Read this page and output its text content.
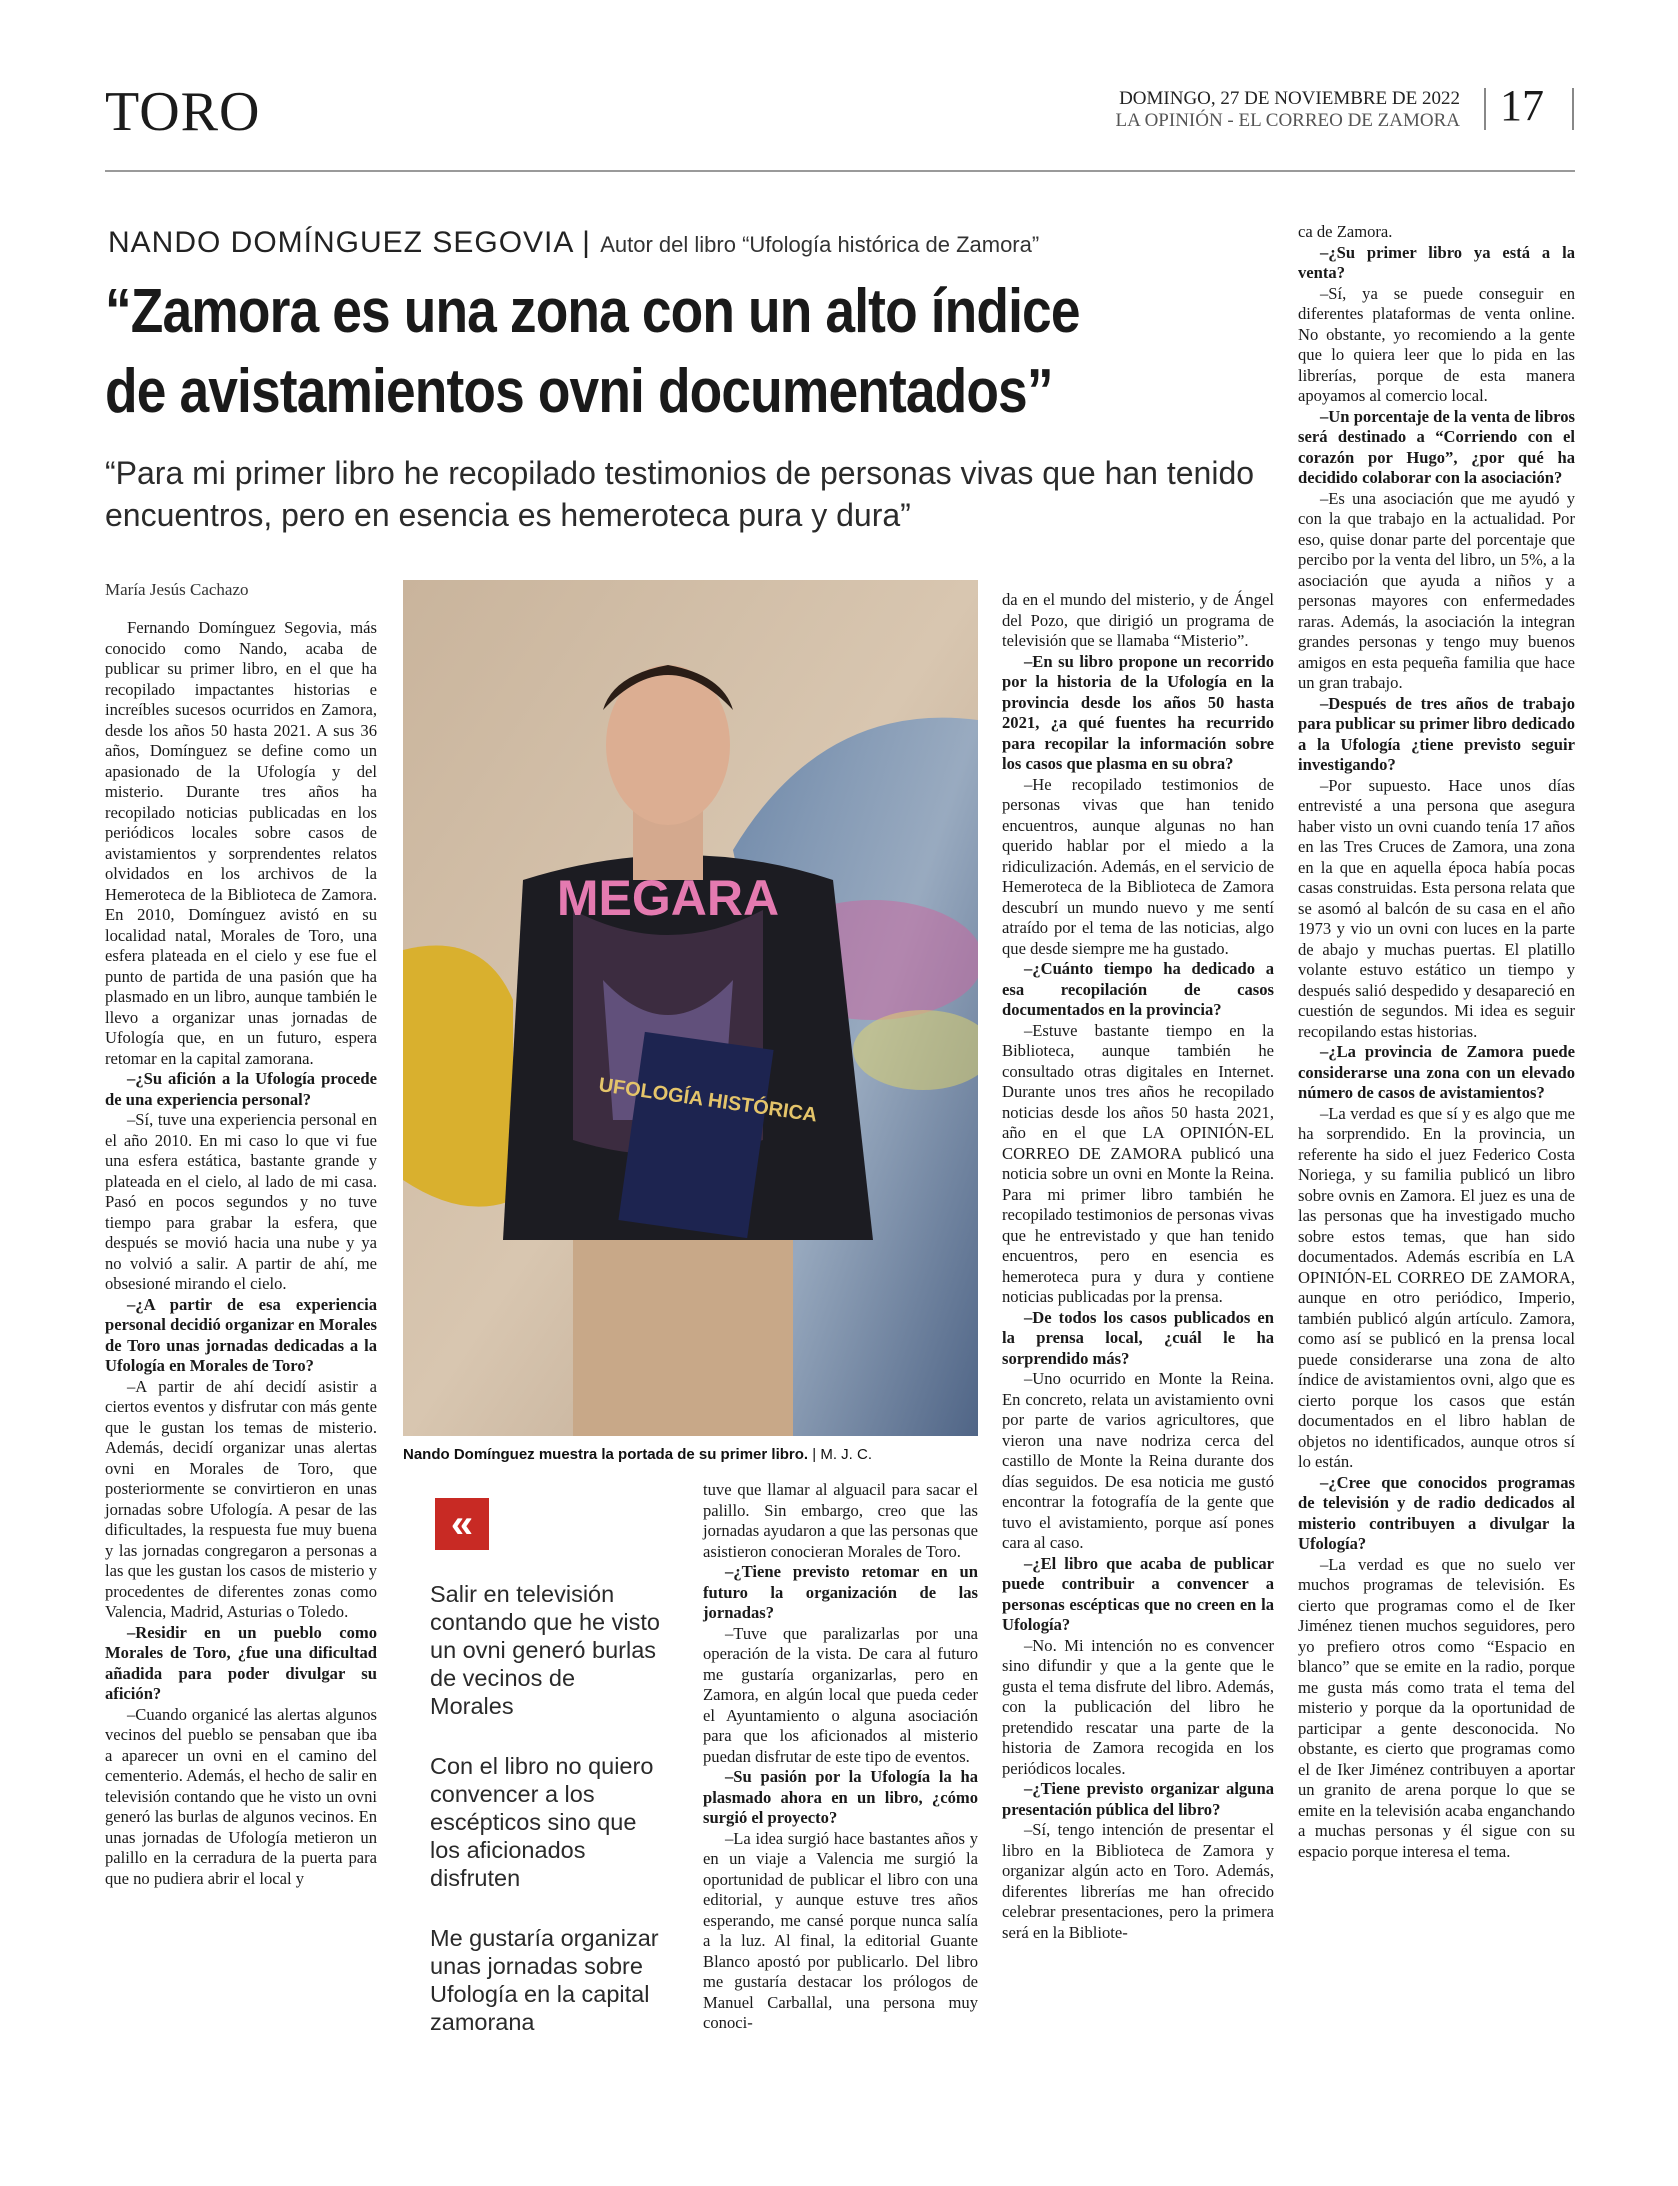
TORO	DOMINGO, 27 DE NOVIEMBRE DE 2022
LA OPINIÓN - EL CORREO DE ZAMORA 17
NANDO DOMÍNGUEZ SEGOVIA | Autor del libro “Ufología histórica de Zamora”
“Zamora es una zona con un alto índice
de avistamientos ovni documentados”
“Para mi primer libro he recopilado testimonios de personas vivas que han tenido encuentros, pero en esencia es hemeroteca pura y dura”
María Jesús Cachazo

Fernando Domínguez Segovia, más conocido como Nando, acaba de publicar su primer libro, en el que ha recopilado impactantes historias e increíbles sucesos ocurridos en Zamora, desde los años 50 hasta 2021. A sus 36 años, Domínguez se define como un apasionado de la Ufología y del misterio. Durante tres años ha recopilado noticias publicadas en los periódicos locales sobre casos de avistamientos y sorprendentes relatos olvidados en los archivos de la Hemeroteca de la Biblioteca de Zamora. En 2010, Domínguez avistó en su localidad natal, Morales de Toro, una esfera plateada en el cielo y ese fue el punto de partida de una pasión que ha plasmado en un libro, aunque también le llevo a organizar unas jornadas de Ufología que, en un futuro, espera retomar en la capital zamorana.

–¿Su afición a la Ufología procede de una experiencia personal?

–Sí, tuve una experiencia personal en el año 2010. En mi caso lo que vi fue una esfera estática, bastante grande y plateada en el cielo, al lado de mi casa. Pasó en pocos segundos y no tuve tiempo para grabar la esfera, que después se movió hacia una nube y ya no volvió a salir. A partir de ahí, me obsesioné mirando el cielo.

–¿A partir de esa experiencia personal decidió organizar en Morales de Toro unas jornadas dedicadas a la Ufología en Morales de Toro?

–A partir de ahí decidí asistir a ciertos eventos y disfrutar con más gente que le gustan los temas de misterio. Además, decidí organizar unas alertas ovni en Morales de Toro, que posteriormente se convirtieron en unas jornadas sobre Ufología. A pesar de las dificultades, la respuesta fue muy buena y las jornadas congregaron a personas a las que les gustan los casos de misterio y procedentes de diferentes zonas como Valencia, Madrid, Asturias o Toledo.

–Residir en un pueblo como Morales de Toro, ¿fue una dificultad añadida para poder divulgar su afición?

–Cuando organicé las alertas algunos vecinos del pueblo se pensaban que iba a aparecer un ovni en el camino del cementerio. Además, el hecho de salir en televisión contando que he visto un ovni generó las burlas de algunos vecinos. En unas jornadas de Ufología metieron un palillo en la cerradura de la puerta para que no pudiera abrir el local y

MEGARA
UFOLOGÍA HISTÓRICA
Nando Domínguez muestra la portada de su primer libro. | M. J. C.
«
Salir en televisión contando que he visto un ovni generó burlas de vecinos de Morales
Con el libro no quiero convencer a los escépticos sino que los aficionados disfruten
Me gustaría organizar unas jornadas sobre Ufología en la capital zamorana

tuve que llamar al alguacil para sacar el palillo. Sin embargo, creo que las jornadas ayudaron a que las personas que asistieron conocieran Morales de Toro.

–¿Tiene previsto retomar en un futuro la organización de las jornadas?

–Tuve que paralizarlas por una operación de la vista. De cara al futuro me gustaría organizarlas, pero en Zamora, en algún local que pueda ceder el Ayuntamiento o alguna asociación para que los aficionados al misterio puedan disfrutar de este tipo de eventos.

–Su pasión por la Ufología la ha plasmado ahora en un libro, ¿cómo surgió el proyecto?

–La idea surgió hace bastantes años y en un viaje a Valencia me surgió la oportunidad de publicar el libro con una editorial, y aunque estuve tres años esperando, me cansé porque nunca salía a la luz. Al final, la editorial Guante Blanco apostó por publicarlo. Del libro me gustaría destacar los prólogos de Manuel Carballal, una persona muy conoci-

da en el mundo del misterio, y de Ángel del Pozo, que dirigió un programa de televisión que se llamaba “Misterio”.

–En su libro propone un recorrido por la historia de la Ufología en la provincia desde los años 50 hasta 2021, ¿a qué fuentes ha recurrido para recopilar la información sobre los casos que plasma en su obra?

–He recopilado testimonios de personas vivas que han tenido encuentros, aunque algunas no han querido hablar por el miedo a la ridiculización. Además, en el servicio de Hemeroteca de la Biblioteca de Zamora descubrí un mundo nuevo y me sentí atraído por el tema de las noticias, algo que desde siempre me ha gustado.

–¿Cuánto tiempo ha dedicado a esa recopilación de casos documentados en la provincia?

–Estuve bastante tiempo en la Biblioteca, aunque también he consultado otras digitales en Internet. Durante unos tres años he recopilado noticias desde los años 50 hasta 2021, año en el que LA OPINIÓN-EL CORREO DE ZAMORA publicó una noticia sobre un ovni en Monte la Reina. Para mi primer libro también he recopilado testimonios de personas vivas que he entrevistado y que han tenido encuentros, pero en esencia es hemeroteca pura y dura y contiene noticias publicadas por la prensa.

–De todos los casos publicados en la prensa local, ¿cuál le ha sorprendido más?

–Uno ocurrido en Monte la Reina. En concreto, relata un avistamiento ovni por parte de varios agricultores, que vieron una nave nodriza cerca del castillo de Monte la Reina durante dos días seguidos. De esa noticia me gustó encontrar la fotografía de la gente que tuvo el avistamiento, porque así pones cara al caso.

–¿El libro que acaba de publicar puede contribuir a convencer a personas escépticas que no creen en la Ufología?

–No. Mi intención no es convencer sino difundir y que a la gente que le gusta el tema disfrute del libro. Además, con la publicación del libro he pretendido rescatar una parte de la historia de Zamora recogida en los periódicos locales.

–¿Tiene previsto organizar alguna presentación pública del libro?

–Sí, tengo intención de presentar el libro en la Biblioteca de Zamora y organizar algún acto en Toro. Además, diferentes librerías me han ofrecido celebrar presentaciones, pero la primera será en la Bibliote-

ca de Zamora.

–¿Su primer libro ya está a la venta?

–Sí, ya se puede conseguir en diferentes plataformas de venta online. No obstante, yo recomiendo a la gente que lo quiera leer que lo pida en las librerías, porque de esta manera apoyamos al comercio local.

–Un porcentaje de la venta de libros será destinado a “Corriendo con el corazón por Hugo”, ¿por qué ha decidido colaborar con la asociación?

–Es una asociación que me ayudó y con la que trabajo en la actualidad. Por eso, quise donar parte del porcentaje que percibo por la venta del libro, un 5%, a la asociación que ayuda a niños y a personas mayores con enfermedades raras. Además, la asociación la integran grandes personas y tengo muy buenos amigos en esta pequeña familia que hace un gran trabajo.

–Después de tres años de trabajo para publicar su primer libro dedicado a la Ufología ¿tiene previsto seguir investigando?

–Por supuesto. Hace unos días entrevisté a una persona que asegura haber visto un ovni cuando tenía 17 años en las Tres Cruces de Zamora, una zona en la que en aquella época había pocas casas construidas. Esta persona relata que se asomó al balcón de su casa en el año 1973 y vio un ovni con luces en la parte de abajo y muchas puertas. El platillo volante estuvo estático un tiempo y después salió despedido y desapareció en cuestión de segundos. Mi idea es seguir recopilando estas historias.

–¿La provincia de Zamora puede considerarse una zona con un elevado número de casos de avistamientos?

–La verdad es que sí y es algo que me ha sorprendido. En la provincia, un referente ha sido el juez Federico Costa Noriega, y su familia publicó un libro sobre ovnis en Zamora. El juez es una de las personas que ha investigado mucho sobre estos temas, que han sido documentados. Además escribía en LA OPINIÓN-EL CORREO DE ZAMORA, aunque en otro periódico, Imperio, también publicó algún artículo. Zamora, como así se publicó en la prensa local puede considerarse una zona de alto índice de avistamientos ovni, algo que es cierto porque los casos que están documentados en el libro hablan de objetos no identificados, aunque otros sí lo están.

–¿Cree que conocidos programas de televisión y de radio dedicados al misterio contribuyen a divulgar la Ufología?

–La verdad es que no suelo ver muchos programas de televisión. Es cierto que programas como el de Iker Jiménez tienen muchos seguidores, pero yo prefiero otros como “Espacio en blanco” que se emite en la radio, porque me gusta más como trata el tema del misterio y porque da la oportunidad de participar a gente desconocida. No obstante, es cierto que programas como el de Iker Jiménez contribuyen a aportar un granito de arena porque lo que se emite en la televisión acaba enganchando a muchas personas y él sigue con su espacio porque interesa el tema.
